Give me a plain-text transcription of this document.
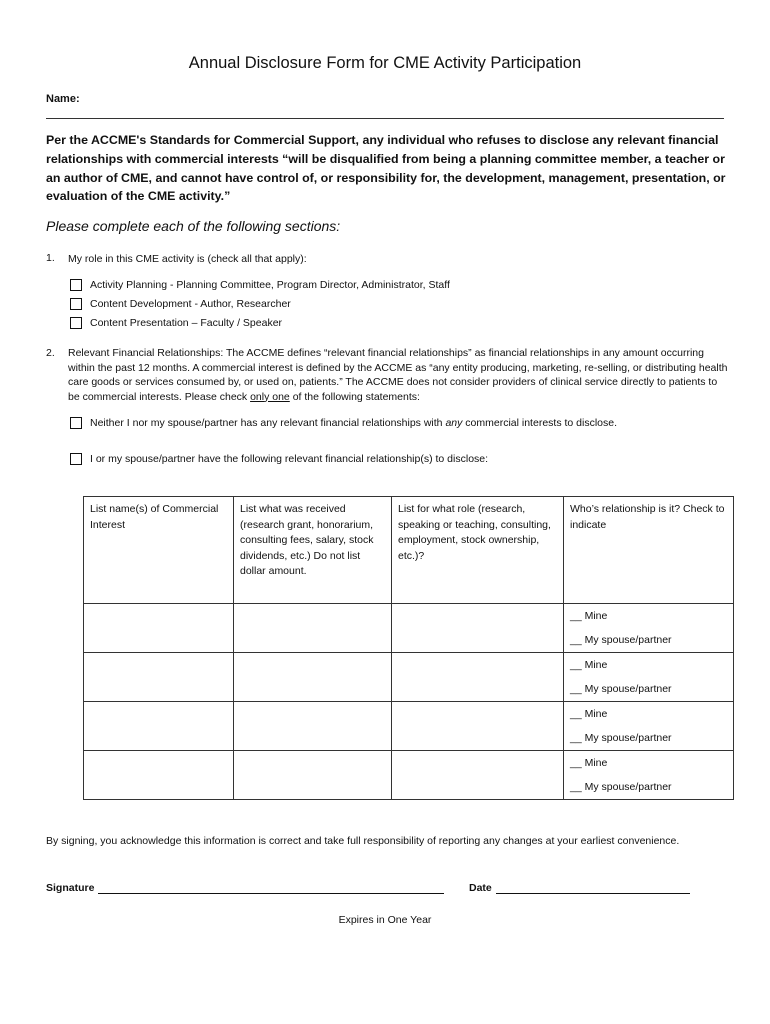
Annual Disclosure Form for CME Activity Participation
Name:
Per the ACCME's Standards for Commercial Support, any individual who refuses to disclose any relevant financial relationships with commercial interests “will be disqualified from being a planning committee member, a teacher or an author of CME, and cannot have control of, or responsibility for, the development, management, presentation, or evaluation of the CME activity.”
Please complete each of the following sections:
1. My role in this CME activity is (check all that apply):
Activity Planning - Planning Committee, Program Director, Administrator, Staff
Content Development - Author, Researcher
Content Presentation – Faculty / Speaker
2. Relevant Financial Relationships: The ACCME defines “relevant financial relationships” as financial relationships in any amount occurring within the past 12 months. A commercial interest is defined by the ACCME as “any entity producing, marketing, re-selling, or distributing health care goods or services consumed by, or used on, patients.” The ACCME does not consider providers of clinical service directly to patients to be commercial interests. Please check only one of the following statements:
Neither I nor my spouse/partner has any relevant financial relationships with any commercial interests to disclose.
I or my spouse/partner have the following relevant financial relationship(s) to disclose:
List name(s) of Commercial Interest	List what was received (research grant, honorarium, consulting fees, salary, stock dividends, etc.) Do not list dollar amount.	List for what role (research, speaking or teaching, consulting, employment, stock ownership, etc.)?	Who’s relationship is it? Check to indicate

			__ Mine
__ My spouse/partner

			__ Mine
__ My spouse/partner

			__ Mine
__ My spouse/partner

			__ Mine
__ My spouse/partner
By signing, you acknowledge this information is correct and take full responsibility of reporting any changes at your earliest convenience.
Signature	Date
Expires in One Year
